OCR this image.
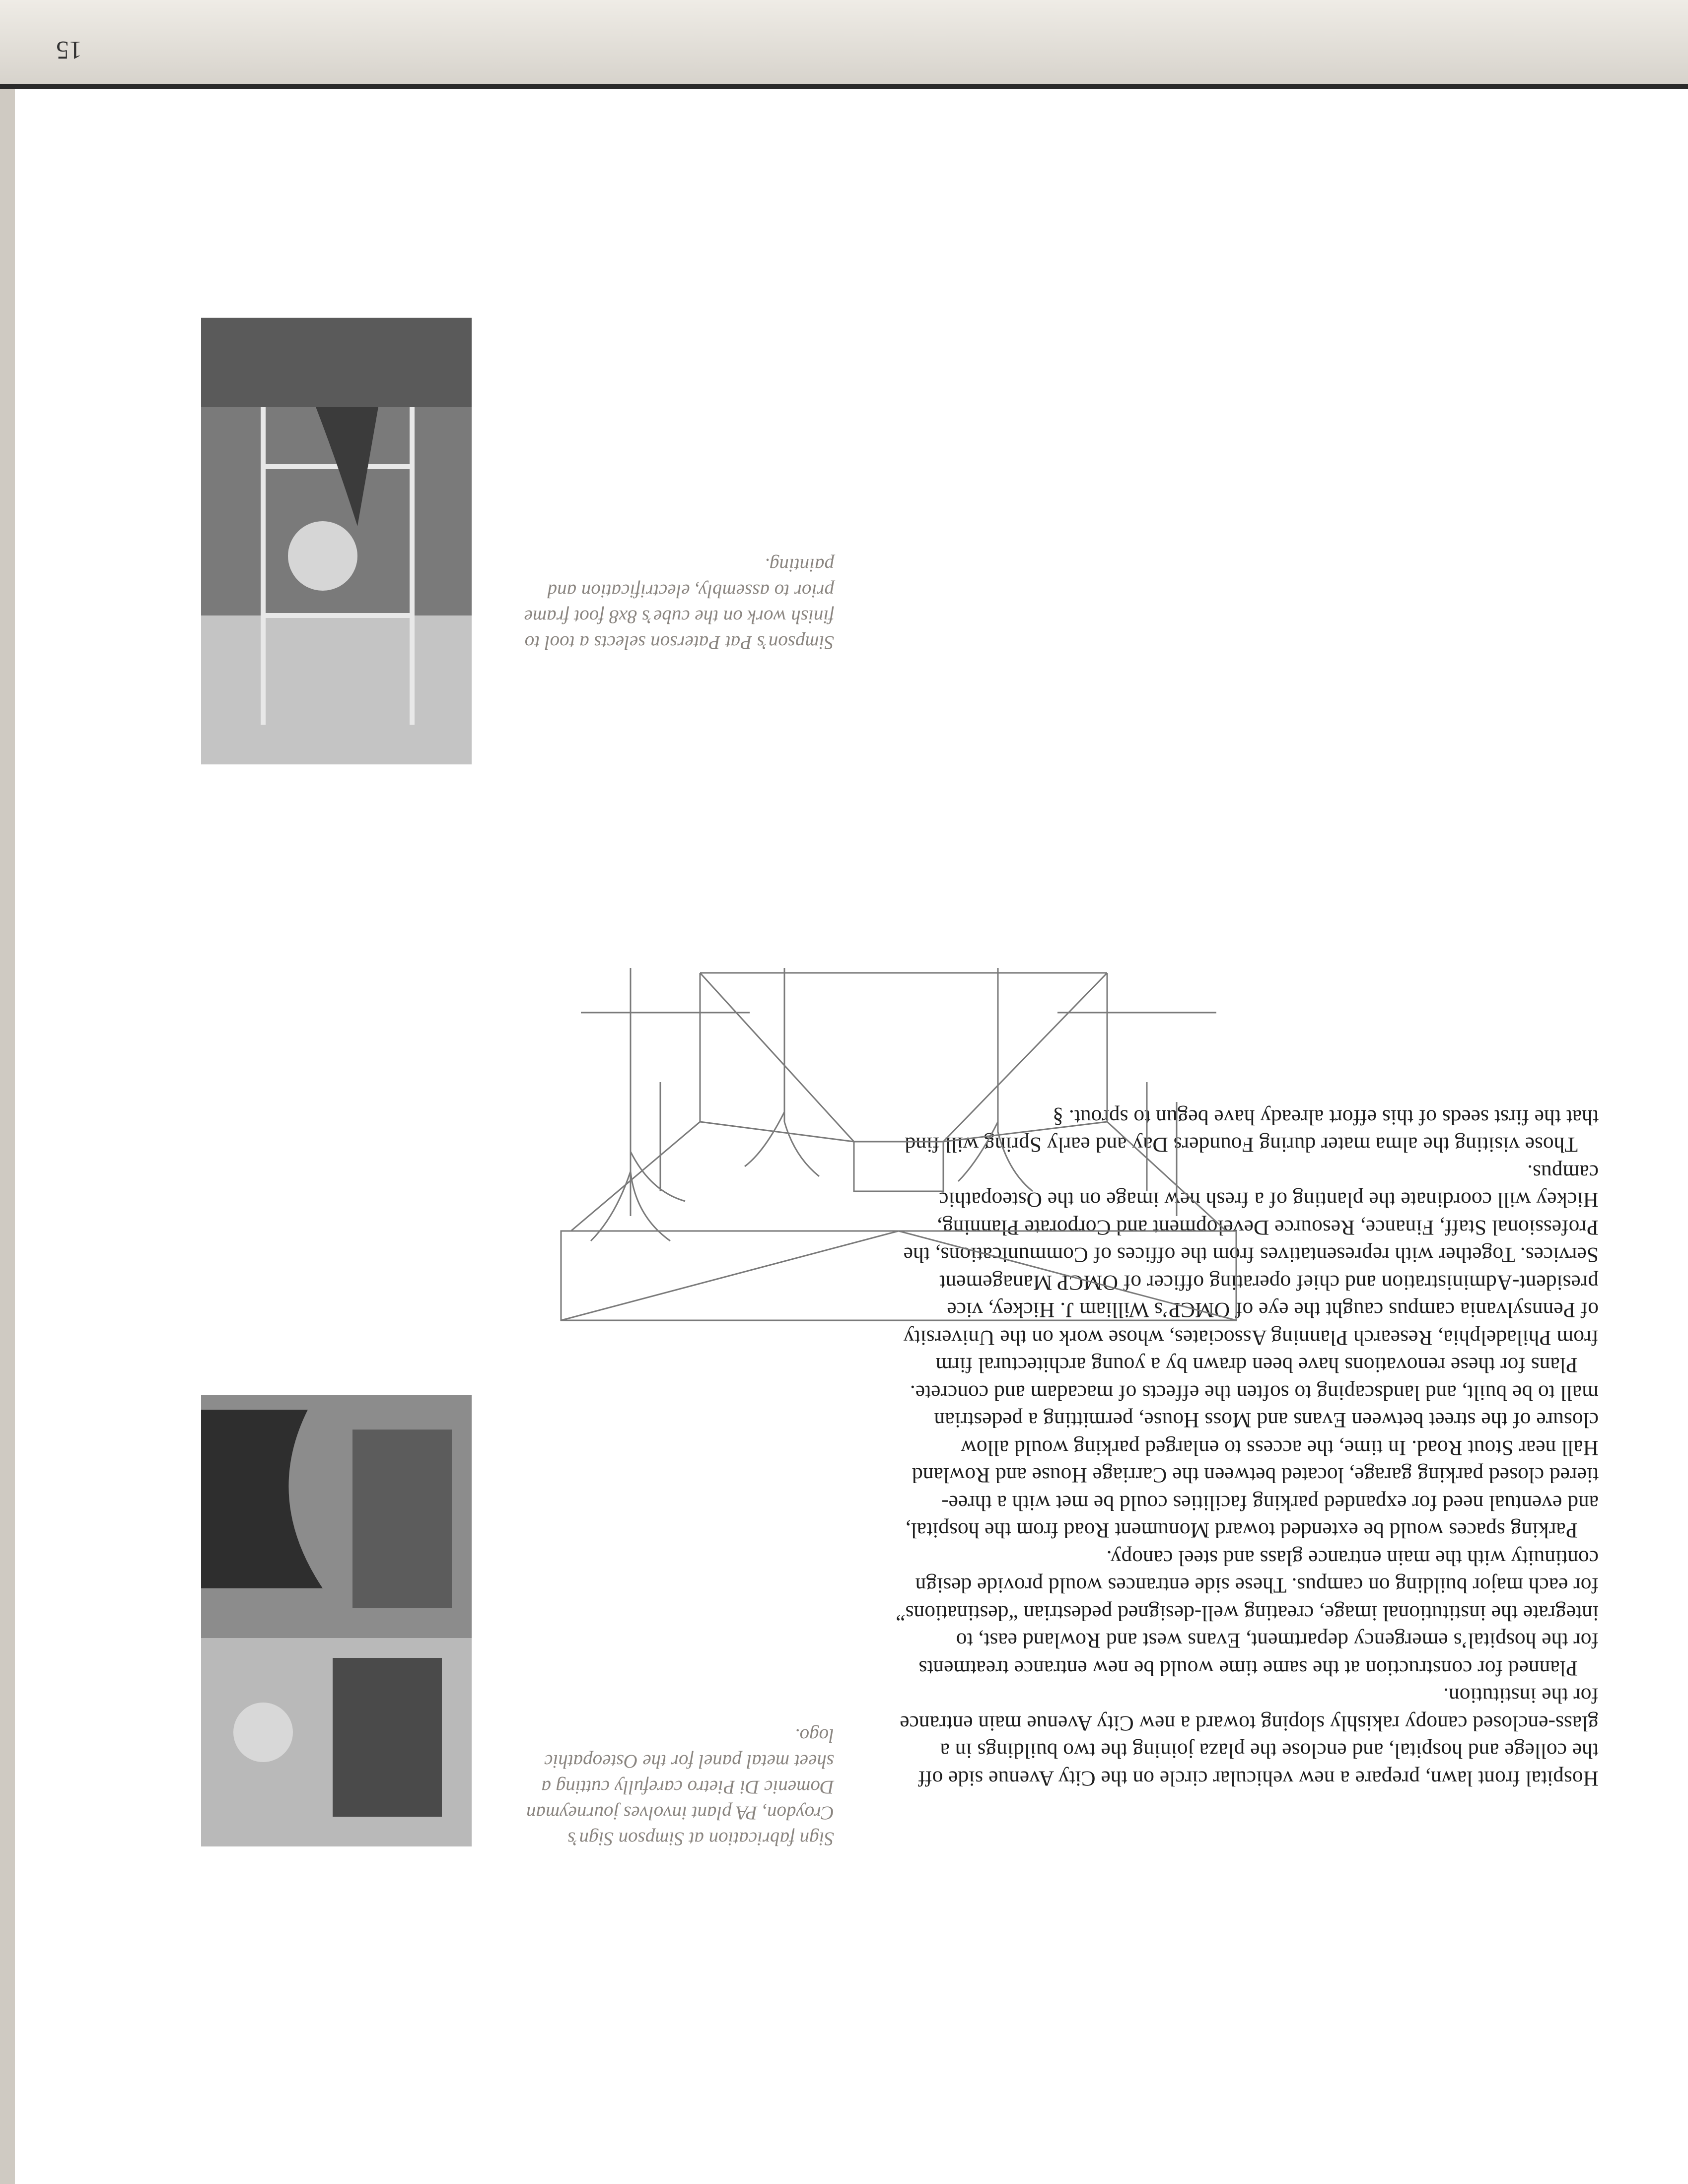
Hospital front lawn, prepare a new vehicular circle on the City Avenue side off the college and hospital, and enclose the plaza joining the two buildings in a glass-enclosed canopy rakishly sloping toward a new City Avenue main entrance for the institution.

Planned for construction at the same time would be new entrance treatments for the hospital’s emergency department, Evans west and Rowland east, to integrate the institutional image, creating well-designed pedestrian “destinations” for each major building on campus. These side entrances would provide design continuity with the main entrance glass and steel canopy.

Parking spaces would be extended toward Monument Road from the hospital, and eventual need for expanded parking facilities could be met with a three-tiered closed parking garage, located between the Carriage House and Rowland Hall near Stout Road. In time, the access to enlarged parking would allow closure of the street between Evans and Moss House, permitting a pedestrian mall to be built, and landscaping to soften the effects of macadam and concrete.

Plans for these renovations have been drawn by a young architectural firm from Philadelphia, Research Planning Associates, whose work on the University of Pennsylvania campus caught the eye of OMCP’s William J. Hickey, vice president-Administration and chief operating officer of OMCP Management Services. Together with representatives from the offices of Communications, the Professional Staff, Finance, Resource Development and Corporate Planning, Hickey will coordinate the planting of a fresh new image on the Osteopathic campus.

Those visiting the alma mater during Founders Day and early Spring will find that the first seeds of this effort already have begun to sprout. §

Sign fabrication at Simpson Sign’s Croydon, PA plant involves journeyman Domenic Di Pietro carefully cutting a sheet metal panel for the Osteopathic logo.
Simpson’s Pat Paterson selects a tool to finish work on the cube’s 8x8 foot frame prior to assembly, electrification and painting.
15
